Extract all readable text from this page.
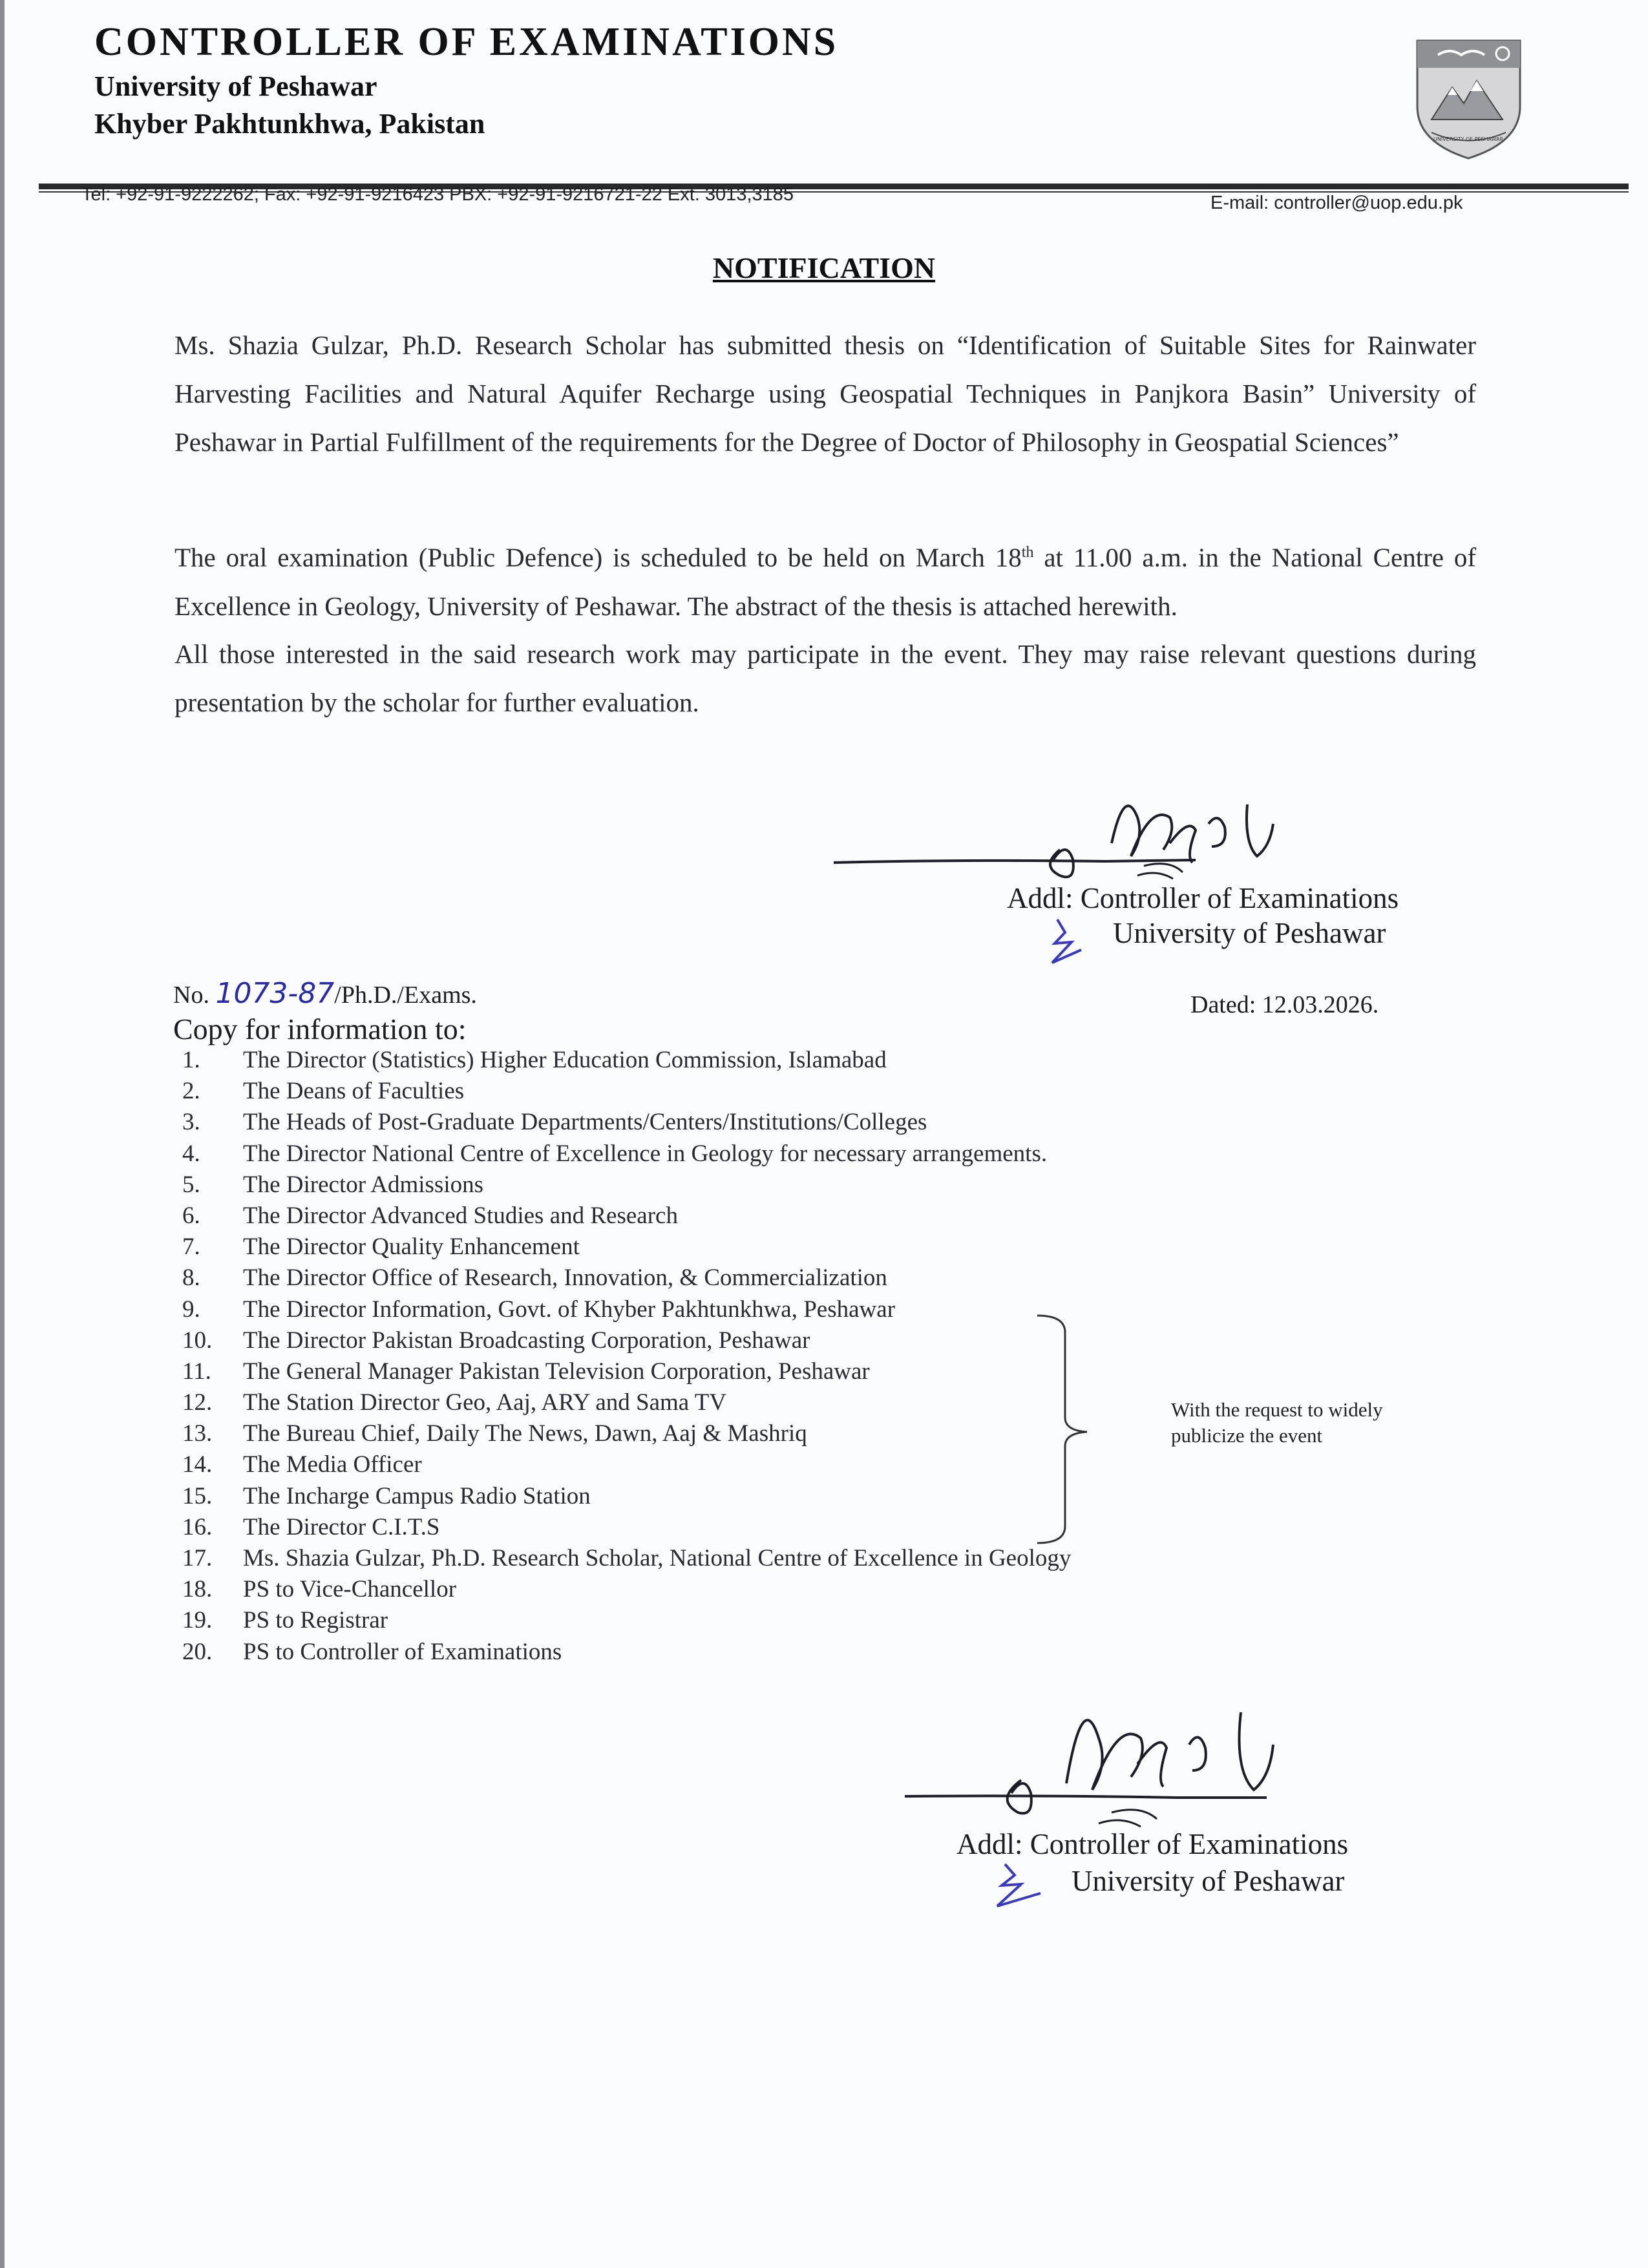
CONTROLLER OF EXAMINATIONS
University of Peshawar
Khyber Pakhtunkhwa, Pakistan	UNIVERSITY OF PESHAWAR
Tel: +92-91-9222262; Fax: +92-91-9216423 PBX: +92-91-9216721-22 Ext. 3013,3185	E-mail: controller@uop.edu.pk
NOTIFICATION
Ms. Shazia Gulzar, Ph.D. Research Scholar has submitted thesis on “Identification of Suitable Sites for Rainwater Harvesting Facilities and Natural Aquifer Recharge using Geospatial Techniques in Panjkora Basin” University of Peshawar in Partial Fulfillment of the requirements for the Degree of Doctor of Philosophy in Geospatial Sciences”
The oral examination (Public Defence) is scheduled to be held on March 18th at 11.00 a.m. in the National Centre of Excellence in Geology, University of Peshawar. The abstract of the thesis is attached herewith.
All those interested in the said research work may participate in the event. They may raise relevant questions during presentation by the scholar for further evaluation.
Addl: Controller of Examinations
University of Peshawar
No. 1073-87/Ph.D./Exams.	Dated: 12.03.2026.
Copy for information to:
1. The Director (Statistics) Higher Education Commission, Islamabad
2. The Deans of Faculties
3. The Heads of Post-Graduate Departments/Centers/Institutions/Colleges
4. The Director National Centre of Excellence in Geology for necessary arrangements.
5. The Director Admissions
6. The Director Advanced Studies and Research
7. The Director Quality Enhancement
8. The Director Office of Research, Innovation, & Commercialization
9. The Director Information, Govt. of Khyber Pakhtunkhwa, Peshawar
10. The Director Pakistan Broadcasting Corporation, Peshawar
11. The General Manager Pakistan Television Corporation, Peshawar
12. The Station Director Geo, Aaj, ARY and Sama TV
13. The Bureau Chief, Daily The News, Dawn, Aaj & Mashriq
14. The Media Officer
15. The Incharge Campus Radio Station
16. The Director C.I.T.S
17. Ms. Shazia Gulzar, Ph.D. Research Scholar, National Centre of Excellence in Geology
18. PS to Vice-Chancellor
19. PS to Registrar
20. PS to Controller of Examinations
With the request to widely publicize the event
Addl: Controller of Examinations
University of Peshawar
